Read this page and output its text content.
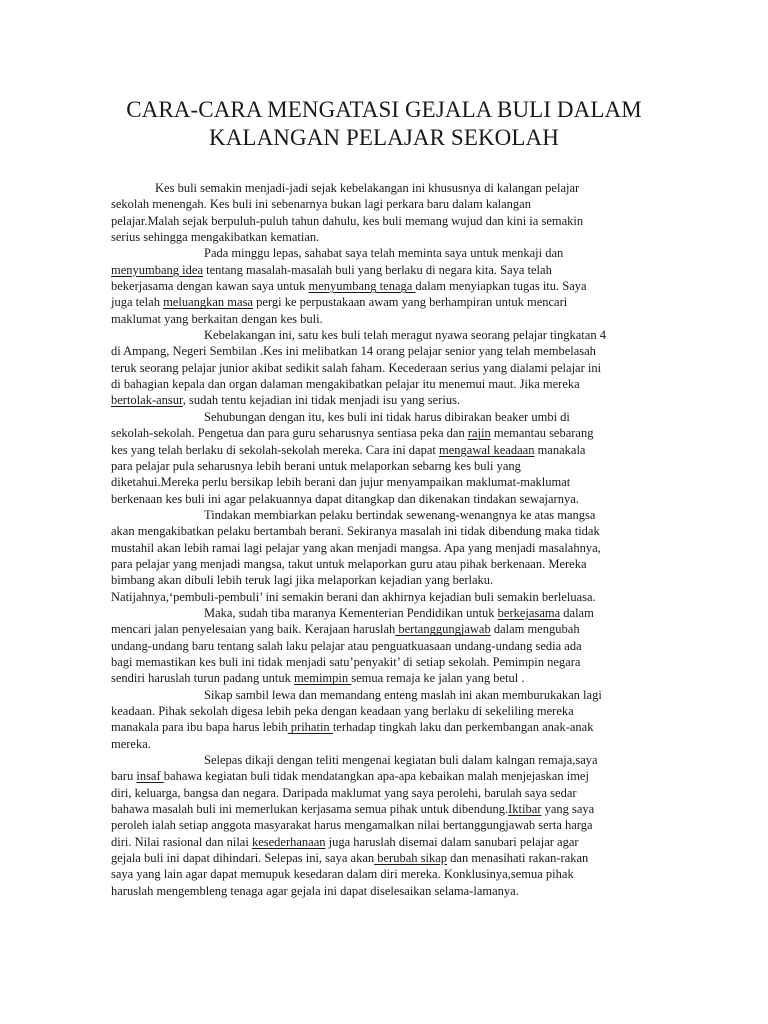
CARA-CARA MENGATASI GEJALA BULI DALAM
KALANGAN PELAJAR SEKOLAH
Kes buli semakin menjadi-jadi sejak kebelakangan ini khususnya di kalangan pelajar
sekolah menengah. Kes buli ini sebenarnya bukan lagi perkara baru dalam kalangan
pelajar.Malah sejak berpuluh-puluh tahun dahulu, kes buli memang wujud dan kini ia semakin
serius sehingga mengakibatkan kematian.
Pada minggu lepas, sahabat saya telah meminta saya untuk menkaji dan
menyumbang idea tentang masalah-masalah buli yang berlaku di negara kita. Saya telah
bekerjasama dengan kawan saya untuk menyumbang tenaga dalam menyiapkan tugas itu. Saya
juga telah meluangkan masa pergi ke perpustakaan awam yang berhampiran untuk mencari
maklumat yang berkaitan dengan kes buli.
Kebelakangan ini, satu kes buli telah meragut nyawa seorang pelajar tingkatan 4
di Ampang, Negeri Sembilan .Kes ini melibatkan 14 orang pelajar senior yang telah membelasah
teruk seorang pelajar junior akibat sedikit salah faham. Kecederaan serius yang dialami pelajar ini
di bahagian kepala dan organ dalaman mengakibatkan pelajar itu menemui maut. Jika mereka
bertolak-ansur, sudah tentu kejadian ini tidak menjadi isu yang serius.
Sehubungan dengan itu, kes buli ini tidak harus dibirakan beaker umbi di
sekolah-sekolah. Pengetua dan para guru seharusnya sentiasa peka dan rajin memantau sebarang
kes yang telah berlaku di sekolah-sekolah mereka. Cara ini dapat mengawal keadaan manakala
para pelajar pula seharusnya lebih berani untuk melaporkan sebarng kes buli yang
diketahui.Mereka perlu bersikap lebih berani dan jujur menyampaikan maklumat-maklumat
berkenaan kes buli ini agar pelakuannya dapat ditangkap dan dikenakan tindakan sewajarnya.
Tindakan membiarkan pelaku bertindak sewenang-wenangnya ke atas mangsa
akan mengakibatkan pelaku bertambah berani. Sekiranya masalah ini tidak dibendung maka tidak
mustahil akan lebih ramai lagi pelajar yang akan menjadi mangsa. Apa yang menjadi masalahnya,
para pelajar yang menjadi mangsa, takut untuk melaporkan guru atau pihak berkenaan. Mereka
bimbang akan dibuli lebih teruk lagi jika melaporkan kejadian yang berlaku.
Natijahnya,‘pembuli-pembuli’ ini semakin berani dan akhirnya kejadian buli semakin berleluasa.
Maka, sudah tiba maranya Kementerian Pendidikan untuk berkejasama dalam
mencari jalan penyelesaian yang baik. Kerajaan haruslah bertanggungjawab dalam mengubah
undang-undang baru tentang salah laku pelajar atau penguatkuasaan undang-undang sedia ada
bagi memastikan kes buli ini tidak menjadi satu’penyakit’ di setiap sekolah. Pemimpin negara
sendiri haruslah turun padang untuk memimpin semua remaja ke jalan yang betul .
Sikap sambil lewa dan memandang enteng maslah ini akan memburukakan lagi
keadaan. Pihak sekolah digesa lebih peka dengan keadaan yang berlaku di sekeliling mereka
manakala para ibu bapa harus lebih prihatin terhadap tingkah laku dan perkembangan anak-anak
mereka.
Selepas dikaji dengan teliti mengenai kegiatan buli dalam kalngan remaja,saya
baru insaf bahawa kegiatan buli tidak mendatangkan apa-apa kebaikan malah menjejaskan imej
diri, keluarga, bangsa dan negara. Daripada maklumat yang saya perolehi, barulah saya sedar
bahawa masalah buli ini memerlukan kerjasama semua pihak untuk dibendung.Iktibar yang saya
peroleh ialah setiap anggota masyarakat harus mengamalkan nilai bertanggungjawab serta harga
diri. Nilai rasional dan nilai kesederhanaan juga haruslah disemai dalam sanubari pelajar agar
gejala buli ini dapat dihindari. Selepas ini, saya akan berubah sikap dan menasihati rakan-rakan
saya yang lain agar dapat memupuk kesedaran dalam diri mereka. Konklusinya,semua pihak
haruslah mengembleng tenaga agar gejala ini dapat diselesaikan selama-lamanya.
